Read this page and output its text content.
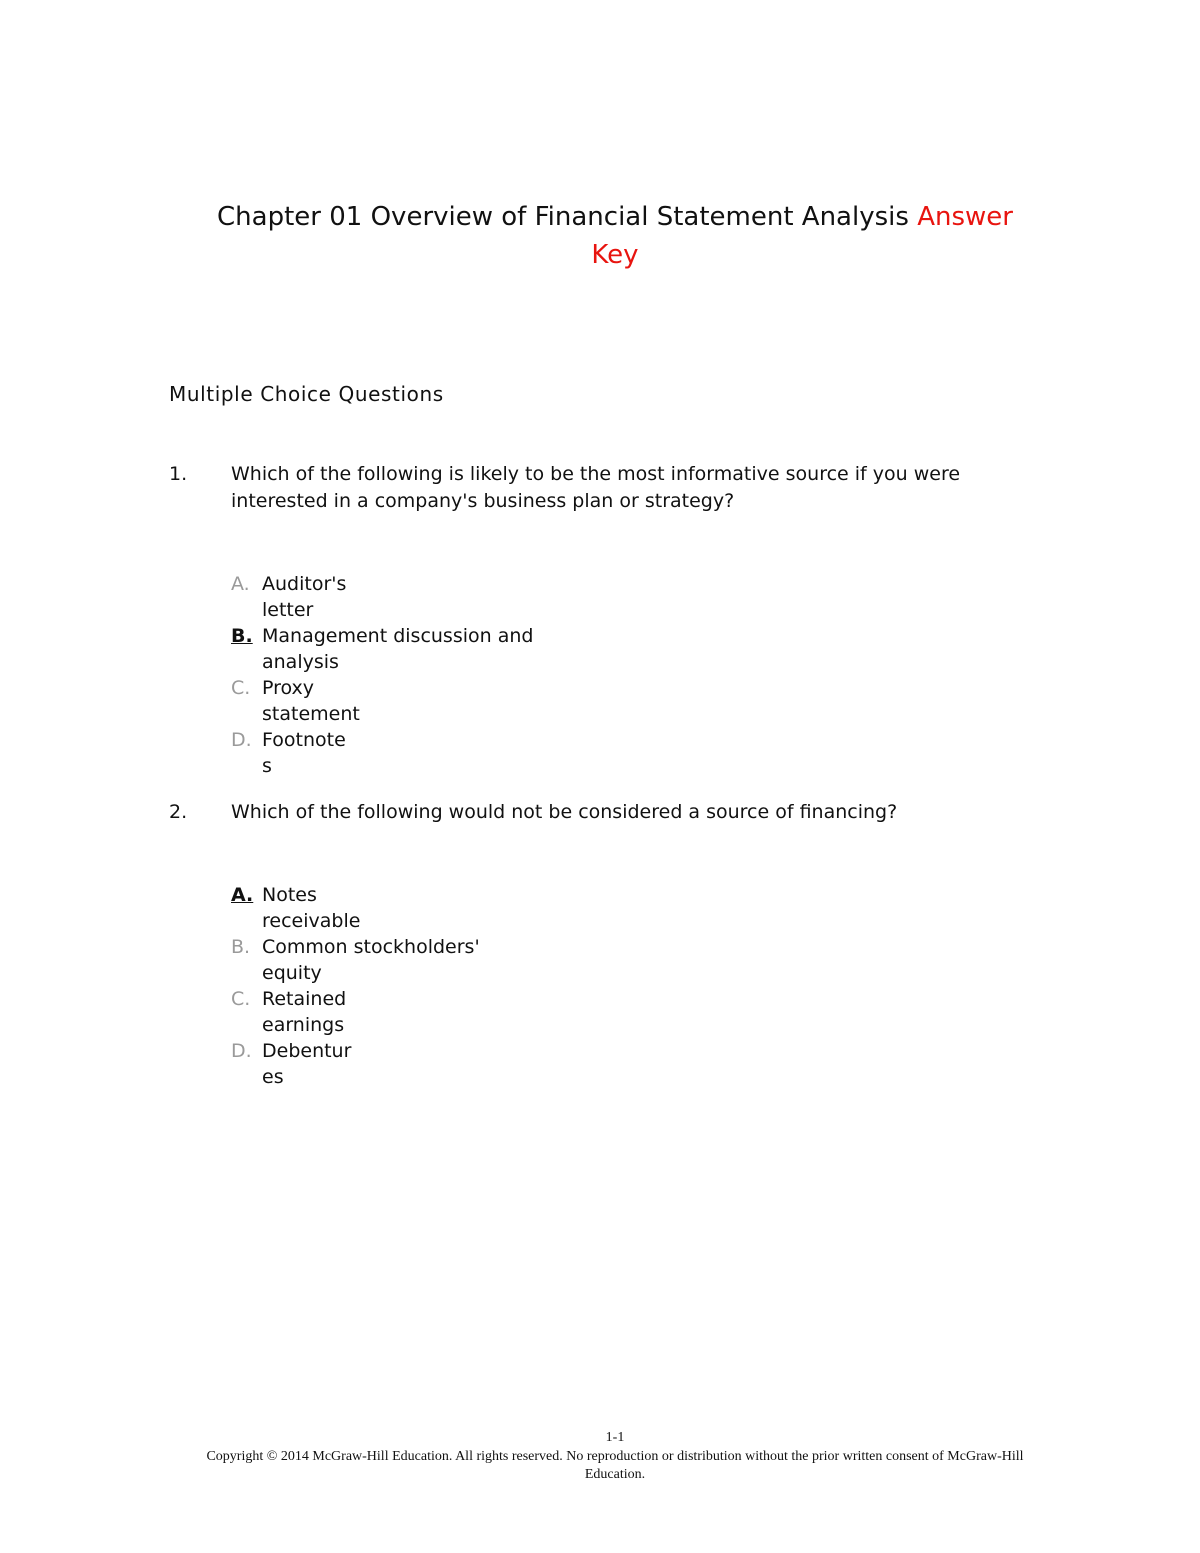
Chapter 01 Overview of Financial Statement Analysis Answer
Key
Multiple Choice Questions
1.	Which of the following is likely to be the most informative source if you were interested in a company's business plan or strategy?
A. Auditor's
letter
B. Management discussion and
analysis
C. Proxy
statement
D. Footnote
s
2.	Which of the following would not be considered a source of financing?
A. Notes
receivable
B. Common stockholders'
equity
C. Retained
earnings
D. Debentur
es
1-1
Copyright © 2014 McGraw-Hill Education. All rights reserved. No reproduction or distribution without the prior written consent of McGraw-Hill Education.
